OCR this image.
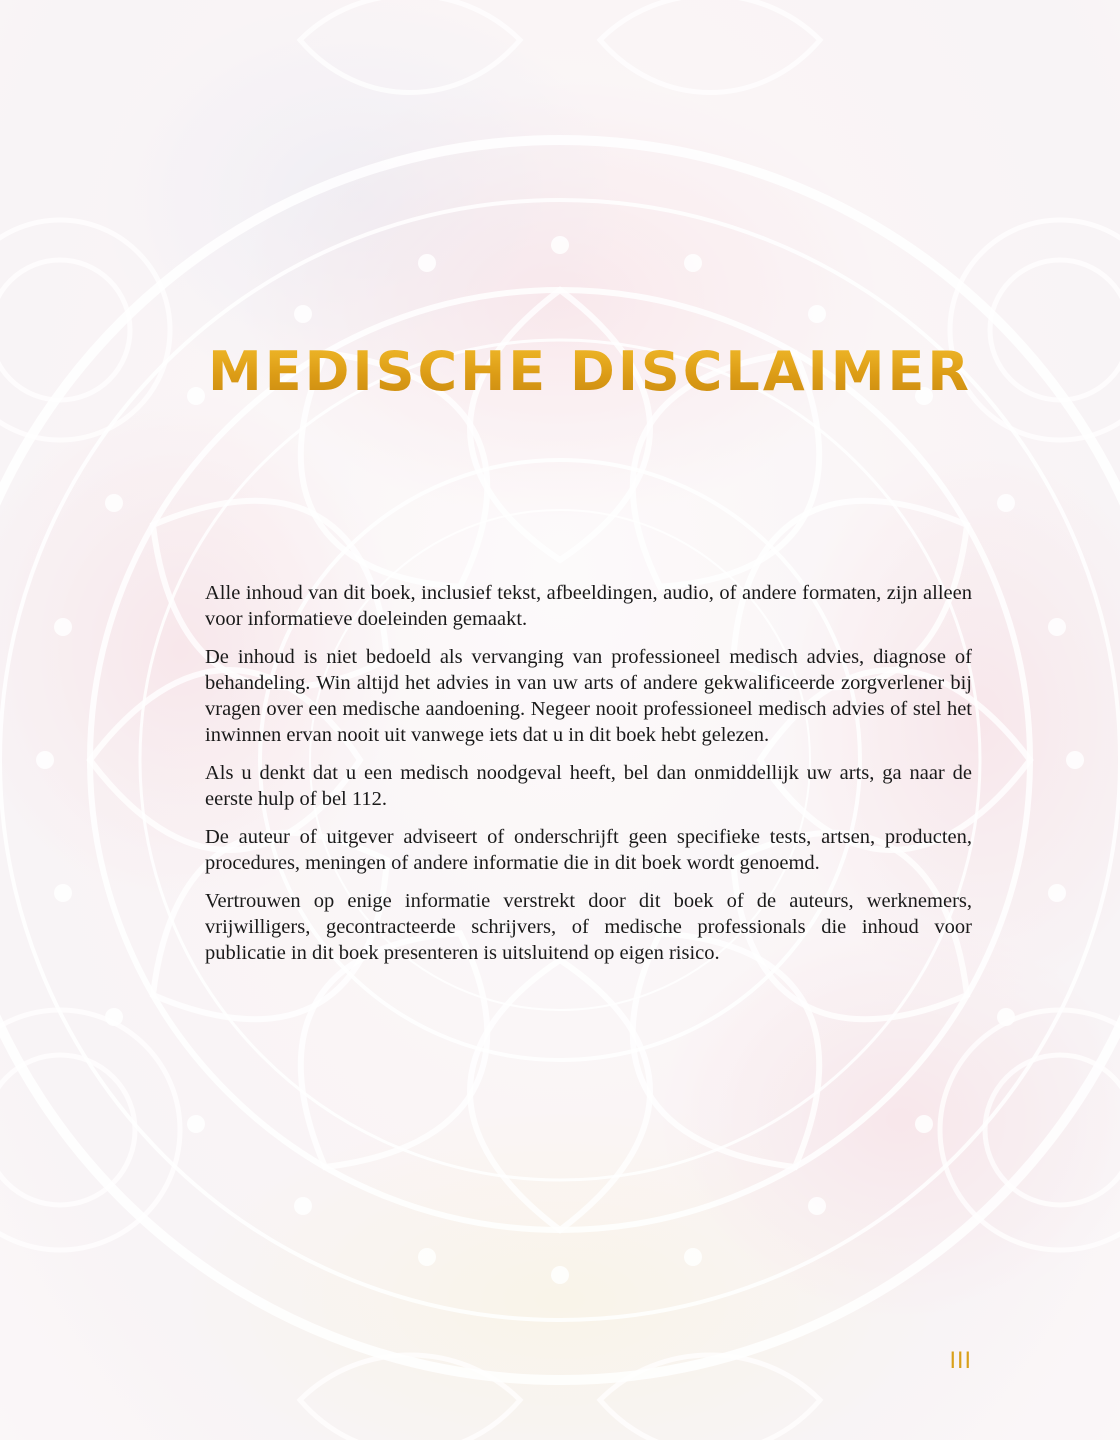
MEDISCHE DISCLAIMER

Alle inhoud van dit boek, inclusief tekst, afbeeldingen, audio, of andere formaten, zijn alleen voor informatieve doeleinden gemaakt.

De inhoud is niet bedoeld als vervanging van professioneel medisch advies, diagnose of behandeling. Win altijd het advies in van uw arts of andere gekwalificeerde zorgverlener bij vragen over een medische aandoening. Negeer nooit professioneel medisch advies of stel het inwinnen ervan nooit uit vanwege iets dat u in dit boek hebt gelezen.

Als u denkt dat u een medisch noodgeval heeft, bel dan onmiddellijk uw arts, ga naar de eerste hulp of bel 112.

De auteur of uitgever adviseert of onderschrijft geen specifieke tests, artsen, producten, procedures, meningen of andere informatie die in dit boek wordt genoemd.

Vertrouwen op enige informatie verstrekt door dit boek of de auteurs, werknemers, vrijwilligers, gecontracteerde schrijvers, of medische professionals die inhoud voor publicatie in dit boek presenteren is uitsluitend op eigen risico.

III
